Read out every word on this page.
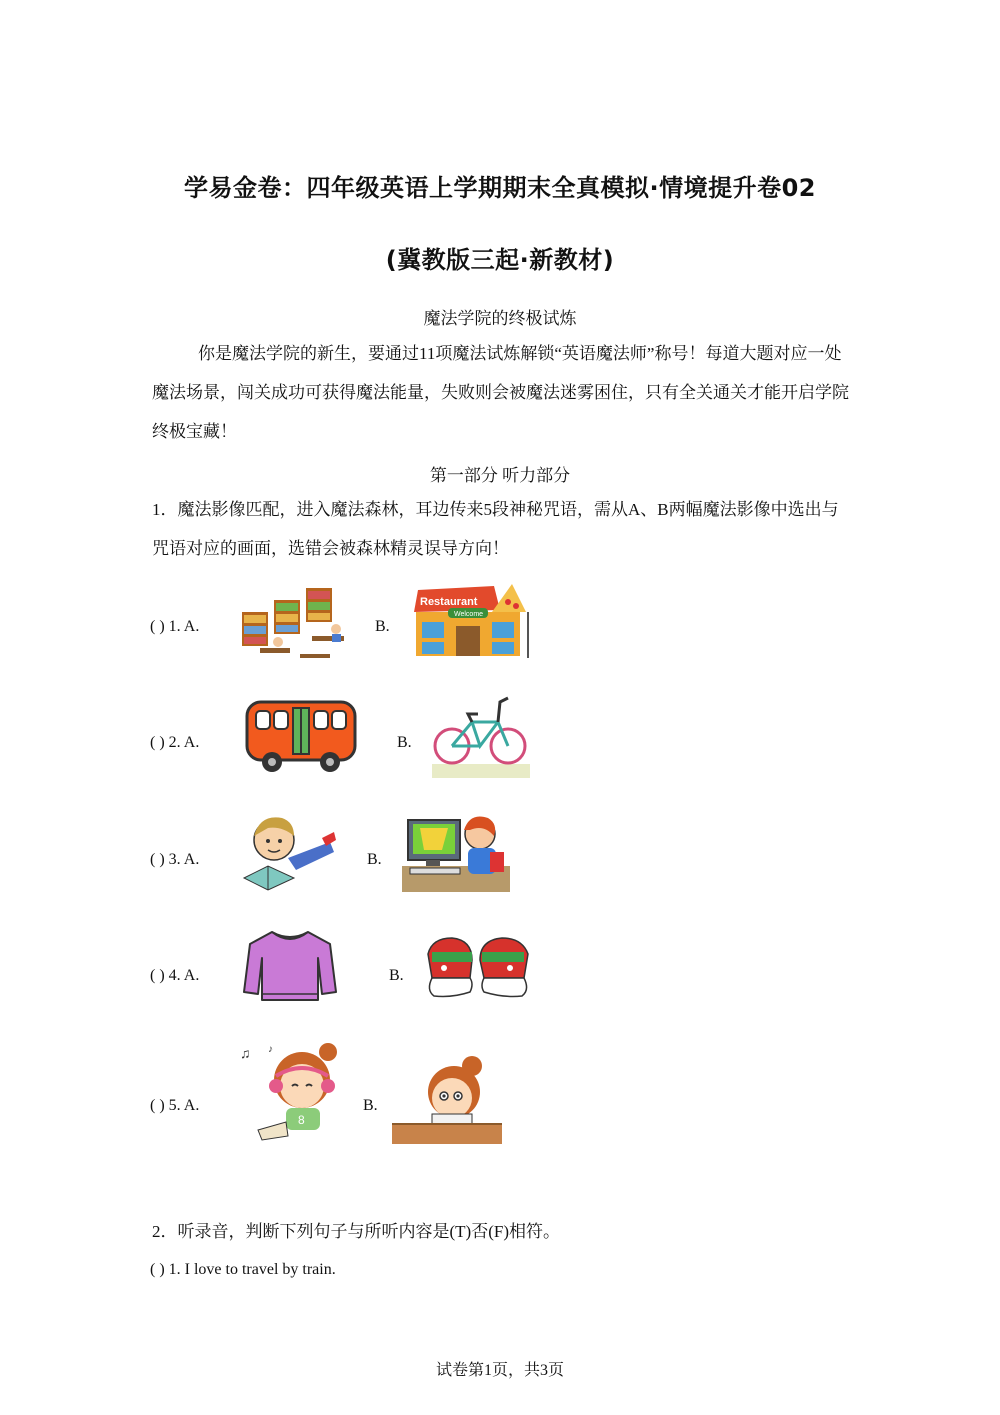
学易金卷：四年级英语上学期期末全真模拟·情境提升卷02
(冀教版三起·新教材)
魔法学院的终极试炼
你是魔法学院的新生，要通过11项魔法试炼解锁“英语魔法师”称号！每道大题对应一处魔法场景，闯关成功可获得魔法能量，失败则会被魔法迷雾困住，只有全关通关才能开启学院终极宝藏！
第一部分 听力部分
1．魔法影像匹配，进入魔法森林，耳边传来5段神秘咒语，需从A、B两幅魔法影像中选出与咒语对应的画面，选错会被森林精灵误导方向！
( ) 1. A.	B.
Restaurant
Welcome
( ) 2. A.	B.
( ) 3. A.	B.
( ) 4. A.	B.
( ) 5. A.	B.
♫ ♪
8
2．听录音，判断下列句子与所听内容是(T)否(F)相符。
( ) 1. I love to travel by train.
试卷第1页，共3页
